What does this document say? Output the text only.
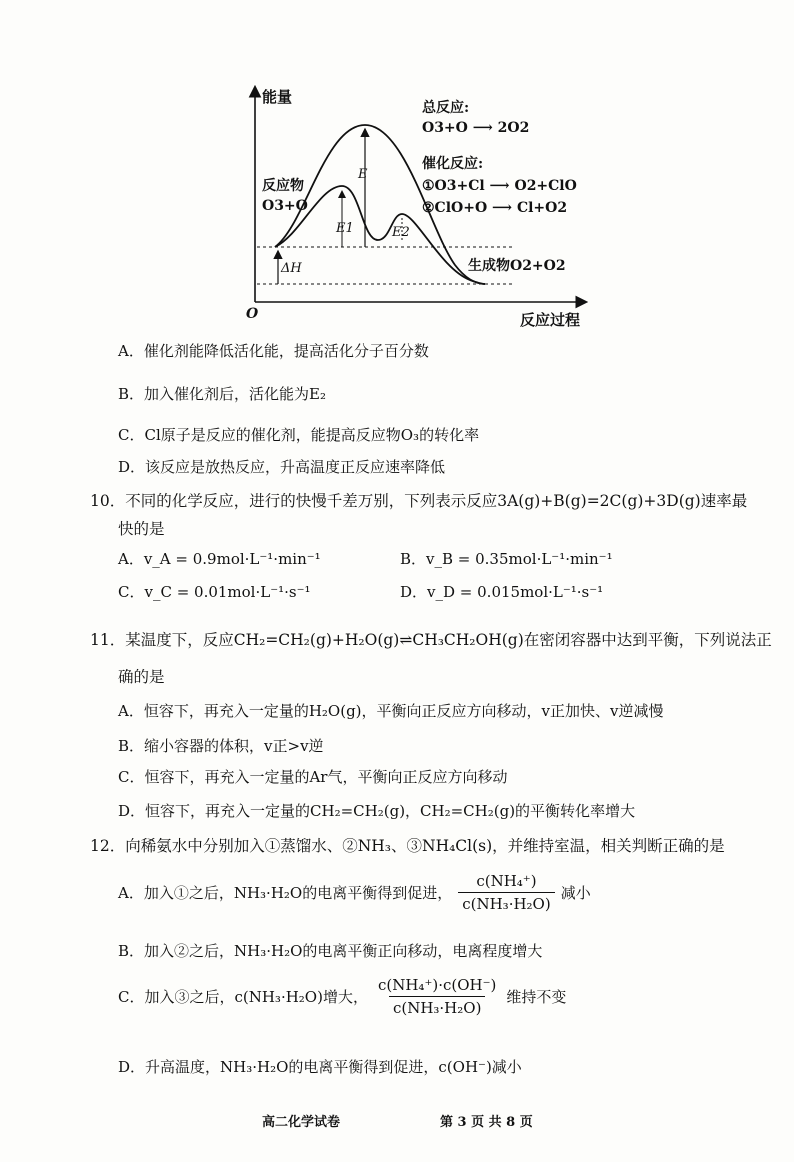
能量
反应过程
O
E
E1	E2
ΔH
反应物
O3+O
生成物O2+O2
总反应:
O3+O ⟶ 2O2
催化反应:
①O3+Cl ⟶ O2+ClO
②ClO+O ⟶ Cl+O2
A．催化剂能降低活化能，提高活化分子百分数
B．加入催化剂后，活化能为E₂
C．Cl原子是反应的催化剂，能提高反应物O₃的转化率
D．该反应是放热反应，升高温度正反应速率降低
10．不同的化学反应，进行的快慢千差万别，下列表示反应3A(g)+B(g)=2C(g)+3D(g)速率最
快的是
A．v_A = 0.9mol·L⁻¹·min⁻¹	B．v_B = 0.35mol·L⁻¹·min⁻¹
C．v_C = 0.01mol·L⁻¹·s⁻¹	D．v_D = 0.015mol·L⁻¹·s⁻¹
11．某温度下，反应CH₂=CH₂(g)+H₂O(g)⇌CH₃CH₂OH(g)在密闭容器中达到平衡，下列说法正
确的是
A．恒容下，再充入一定量的H₂O(g)，平衡向正反应方向移动，v正加快、v逆减慢
B．缩小容器的体积，v正>v逆
C．恒容下，再充入一定量的Ar气，平衡向正反应方向移动
D．恒容下，再充入一定量的CH₂=CH₂(g)，CH₂=CH₂(g)的平衡转化率增大
12．向稀氨水中分别加入①蒸馏水、②NH₃、③NH₄Cl(s)，并维持室温，相关判断正确的是
A．加入①之后，NH₃·H₂O的电离平衡得到促进， $\frac{\text{c(NH₄⁺)}}{\text{c(NH₃·H₂O)}}$ 减小
B．加入②之后，NH₃·H₂O的电离平衡正向移动，电离程度增大
C．加入③之后，c(NH₃·H₂O)增大， $\frac{\text{c(NH₄⁺)·c(OH⁻)}}{\text{c(NH₃·H₂O)}}$ 维持不变
D．升高温度，NH₃·H₂O的电离平衡得到促进，c(OH⁻)减小
高二化学试卷	第 3 页 共 8 页
